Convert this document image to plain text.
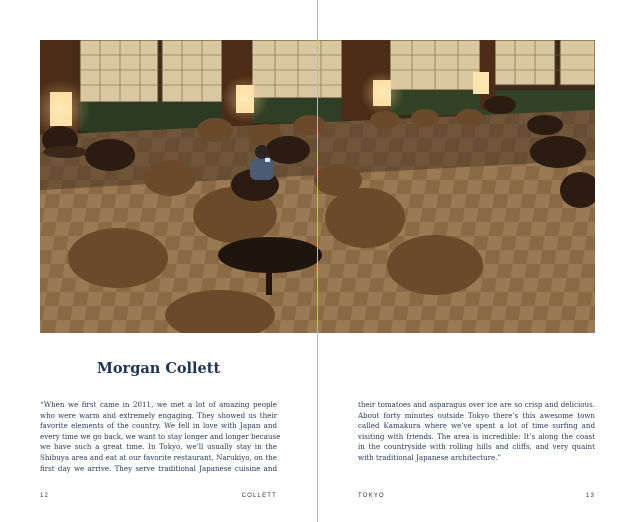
Morgan Collett
“When we first came in 2011, we met a lot of amazing people
who were warm and extremely engaging. They showed us their
favorite elements of the country. We fell in love with Japan and
every time we go back, we want to stay longer and longer because
we have such a great time. In Tokyo, we’ll usually stay in the
Shibuya area and eat at our favorite restaurant, Narukiyo, on the
first day we arrive. They serve traditional Japanese cuisine and
their tomatoes and asparagus over ice are so crisp and delicious.
About forty minutes outside Tokyo there’s this awesome town
called Kamakura where we’ve spent a lot of time surfing and
visiting with friends. The area is incredible: It’s along the coast
in the countryside with rolling hills and cliffs, and very quaint
with traditional Japanese architecture.”
12	COLLETT	TOKYO	13
